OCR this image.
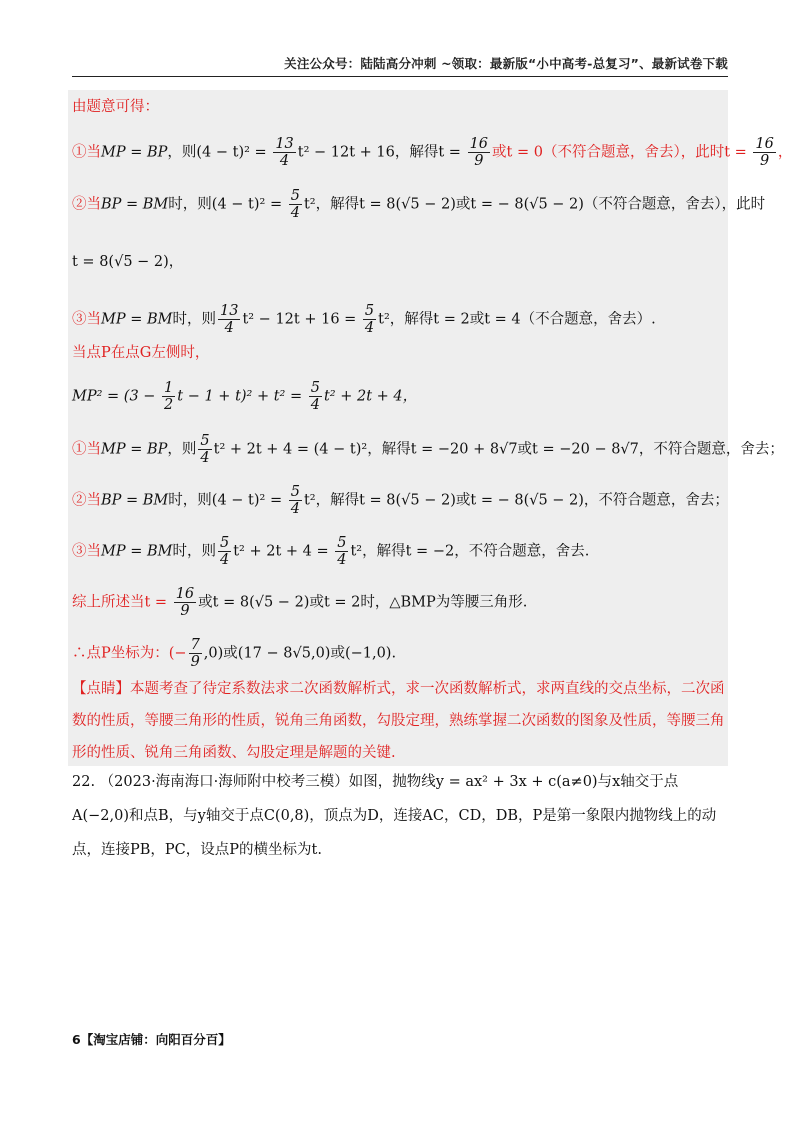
关注公众号：陆陆高分冲刺 ~领取：最新版“小中高考-总复习”、最新试卷下载
由题意可得：
①当MP = BP，则$(4 - t)^2 = \frac{13}{4} t^2 - 12t + 16$，解得$t = \frac{16}{9}$ 或t = 0（不符合题意，舍去），此时$t = \frac{16}{9}$ ，
②当BP = BM时，则$(4 - t)^2 = \frac{5}{4} t^2$，解得t = 8(√5 − 2)或t = − 8(√5 − 2)（不符合题意，舍去），此时
t = 8(√5 − 2)，
③当MP = BM时，则 $\frac{13}{4} t^2 - 12t + 16 = \frac{5}{4} t^2$，解得t = 2或t = 4（不合题意，舍去）.
当点P在点G左侧时，
$MP^2 = (3 - \frac{1}{2}$ $t - 1 + t)^2 + t^2 = \frac{5}{4} t^2 + 2t + 4$，
①当MP = BP，则 $\frac{5}{4} t^2 + 2t + 4 = (4 - t)^2$，解得t = −20 + 8√7或t = −20 − 8√7，不符合题意，舍去；
②当BP = BM时，则$(4 - t)^2 = \frac{5}{4} t^2$，解得t = 8(√5 − 2)或t = − 8(√5 − 2)，不符合题意，舍去；
③当MP = BM时，则 $\frac{5}{4} t^2 + 2t + 4 = \frac{5}{4} t^2$，解得t = −2，不符合题意，舍去.
综上所述当$t = \frac{16}{9}$ 或t = 8(√5 − 2)或t = 2时，△BMP为等腰三角形.
∴点P坐标为：(− $\frac{7}{9} ,0$)或(17 − 8√5,0)或(−1,0).
【点睛】本题考查了待定系数法求二次函数解析式，求一次函数解析式，求两直线的交点坐标，二次函数的性质，等腰三角形的性质，锐角三角函数，勾股定理，熟练掌握二次函数的图象及性质，等腰三角形的性质、锐角三角函数、勾股定理是解题的关键.
22. （2023·海南海口·海师附中校考三模）如图，抛物线y = ax² + 3x + c(a≠0)与x轴交于点A(−2,0)和点B，与y轴交于点C(0,8)，顶点为D，连接AC，CD，DB，P是第一象限内抛物线上的动点，连接PB，PC，设点P的横坐标为t.
6【淘宝店铺：向阳百分百】
